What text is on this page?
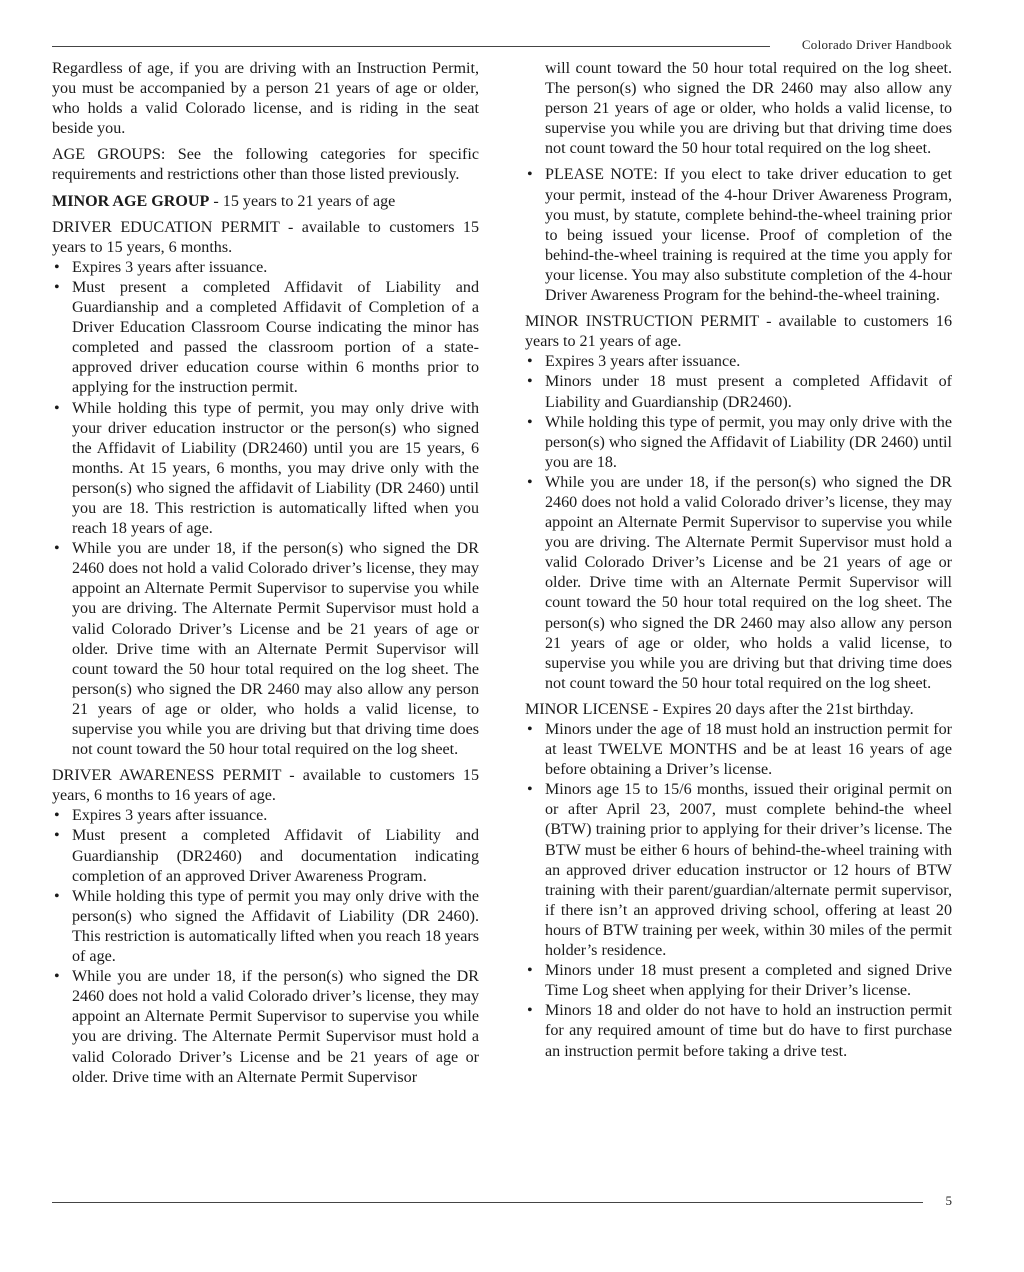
Colorado Driver Handbook

Regardless of age, if you are driving with an Instruction Permit, you must be accompanied by a person 21 years of age or older, who holds a valid Colorado license, and is riding in the seat beside you.

AGE GROUPS: See the following categories for specific requirements and restrictions other than those listed previously.

MINOR AGE GROUP - 15 years to 21 years of age

DRIVER EDUCATION PERMIT - available to customers 15 years to 15 years, 6 months.

• Expires 3 years after issuance.
• Must present a completed Affidavit of Liability and Guardianship and a completed Affidavit of Completion of a Driver Education Classroom Course indicating the minor has completed and passed the classroom portion of a state-approved driver education course within 6 months prior to applying for the instruction permit.
• While holding this type of permit, you may only drive with your driver education instructor or the person(s) who signed the Affidavit of Liability (DR2460) until you are 15 years, 6 months. At 15 years, 6 months, you may drive only with the person(s) who signed the affidavit of Liability (DR 2460) until you are 18. This restriction is automatically lifted when you reach 18 years of age.
• While you are under 18, if the person(s) who signed the DR 2460 does not hold a valid Colorado driver’s license, they may appoint an Alternate Permit Supervisor to supervise you while you are driving. The Alternate Permit Supervisor must hold a valid Colorado Driver’s License and be 21 years of age or older. Drive time with an Alternate Permit Supervisor will count toward the 50 hour total required on the log sheet. The person(s) who signed the DR 2460 may also allow any person 21 years of age or older, who holds a valid license, to supervise you while you are driving but that driving time does not count toward the 50 hour total required on the log sheet.

DRIVER AWARENESS PERMIT - available to customers 15 years, 6 months to 16 years of age.

• Expires 3 years after issuance.
• Must present a completed Affidavit of Liability and Guardianship (DR2460) and documentation indicating completion of an approved Driver Awareness Program.
• While holding this type of permit you may only drive with the person(s) who signed the Affidavit of Liability (DR 2460). This restriction is automatically lifted when you reach 18 years of age.
• While you are under 18, if the person(s) who signed the DR 2460 does not hold a valid Colorado driver’s license, they may appoint an Alternate Permit Supervisor to supervise you while you are driving. The Alternate Permit Supervisor must hold a valid Colorado Driver’s License and be 21 years of age or older. Drive time with an Alternate Permit Supervisor
will count toward the 50 hour total required on the log sheet. The person(s) who signed the DR 2460 may also allow any person 21 years of age or older, who holds a valid license, to supervise you while you are driving but that driving time does not count toward the 50 hour total required on the log sheet.
• PLEASE NOTE: If you elect to take driver education to get your permit, instead of the 4-hour Driver Awareness Program, you must, by statute, complete behind-the-wheel training prior to being issued your license. Proof of completion of the behind-the-wheel training is required at the time you apply for your license. You may also substitute completion of the 4-hour Driver Awareness Program for the behind-the-wheel training.

MINOR INSTRUCTION PERMIT - available to customers 16 years to 21 years of age.

• Expires 3 years after issuance.
• Minors under 18 must present a completed Affidavit of Liability and Guardianship (DR2460).
• While holding this type of permit, you may only drive with the person(s) who signed the Affidavit of Liability (DR 2460) until you are 18.
• While you are under 18, if the person(s) who signed the DR 2460 does not hold a valid Colorado driver’s license, they may appoint an Alternate Permit Supervisor to supervise you while you are driving. The Alternate Permit Supervisor must hold a valid Colorado Driver’s License and be 21 years of age or older. Drive time with an Alternate Permit Supervisor will count toward the 50 hour total required on the log sheet. The person(s) who signed the DR 2460 may also allow any person 21 years of age or older, who holds a valid license, to supervise you while you are driving but that driving time does not count toward the 50 hour total required on the log sheet.

MINOR LICENSE - Expires 20 days after the 21st birthday.

• Minors under the age of 18 must hold an instruction permit for at least TWELVE MONTHS and be at least 16 years of age before obtaining a Driver’s license.
• Minors age 15 to 15/6 months, issued their original permit on or after April 23, 2007, must complete behind-the wheel (BTW) training prior to applying for their driver’s license. The BTW must be either 6 hours of behind-the-wheel training with an approved driver education instructor or 12 hours of BTW training with their parent/guardian/alternate permit supervisor, if there isn’t an approved driving school, offering at least 20 hours of BTW training per week, within 30 miles of the permit holder’s residence.
• Minors under 18 must present a completed and signed Drive Time Log sheet when applying for their Driver’s license.
• Minors 18 and older do not have to hold an instruction permit for any required amount of time but do have to first purchase an instruction permit before taking a drive test.
5
